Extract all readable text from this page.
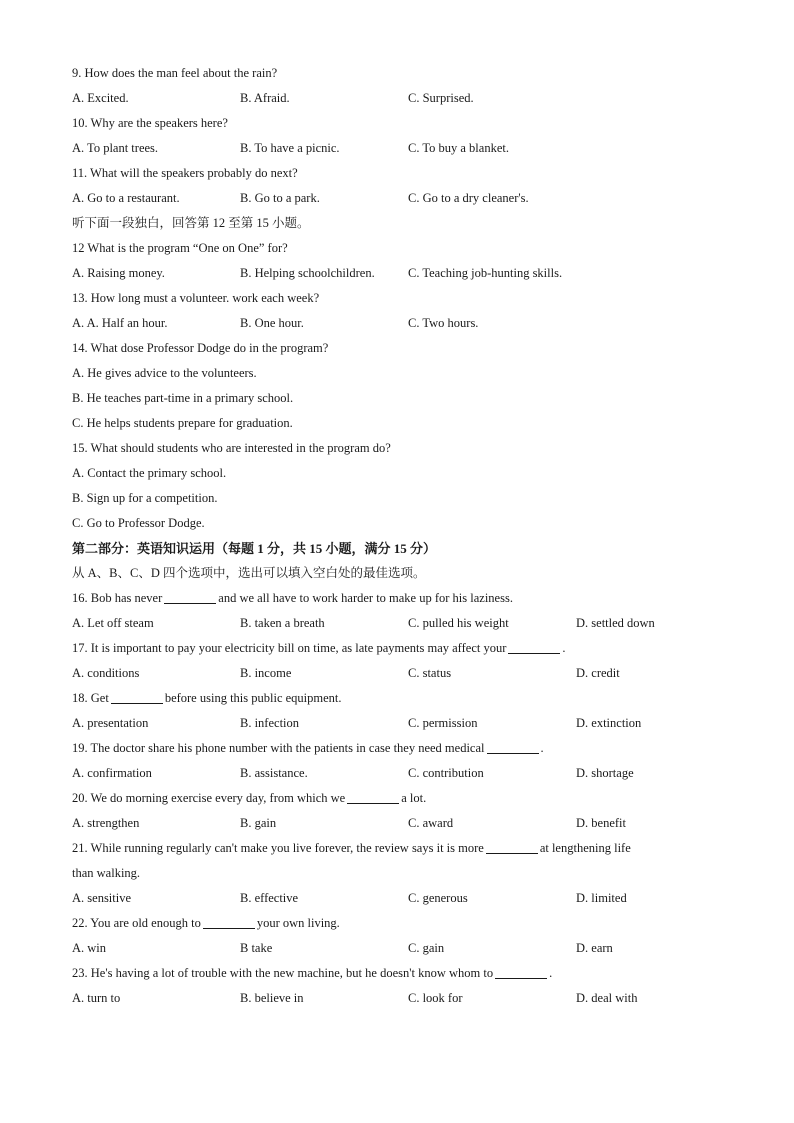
9. How does the man feel about the rain?
A. Excited.	B. Afraid.	C. Surprised.
10. Why are the speakers here?
A. To plant trees.	B. To have a picnic.	C. To buy a blanket.
11. What will the speakers probably do next?
A. Go to a restaurant.	B. Go to a park.	C. Go to a dry cleaner's.
听下面一段独白，回答第 12 至第 15 小题。
12 What is the program “One on One” for?
A. Raising money.	B. Helping schoolchildren.	C. Teaching job-hunting skills.
13. How long must a volunteer. work each week?
A. A. Half an hour.	B. One hour.	C. Two hours.
14. What dose Professor Dodge do in the program?
A. He gives advice to the volunteers.
B. He teaches part-time in a primary school.
C. He helps students prepare for graduation.
15. What should students who are interested in the program do?
A. Contact the primary school.
B. Sign up for a competition.
C. Go to Professor Dodge.
第二部分：英语知识运用（每题 1 分，共 15 小题，满分 15 分）
从 A、B、C、D 四个选项中，选出可以填入空白处的最佳选项。
16. Bob has never	and we all have to work harder to make up for his laziness.
A. Let off steam	B. taken a breath	C. pulled his weight	D. settled down
17. It is important to pay your electricity bill on time, as late payments may affect your	.
A. conditions	B. income	C. status	D. credit
18. Get	before using this public equipment.
A. presentation	B. infection	C. permission	D. extinction
19. The doctor share his phone number with the patients in case they need medical	.
A. confirmation	B. assistance.	C. contribution	D. shortage
20. We do morning exercise every day, from which we	a lot.
A. strengthen	B. gain	C. award	D. benefit
21. While running regularly can't make you live forever, the review says it is more	at lengthening life
than walking.
A. sensitive	B. effective	C. generous	D. limited
22. You are old enough to	your own living.
A. win	B take	C. gain	D. earn
23. He's having a lot of trouble with the new machine, but he doesn't know whom to	.
A. turn to	B. believe in	C. look for	D. deal with
